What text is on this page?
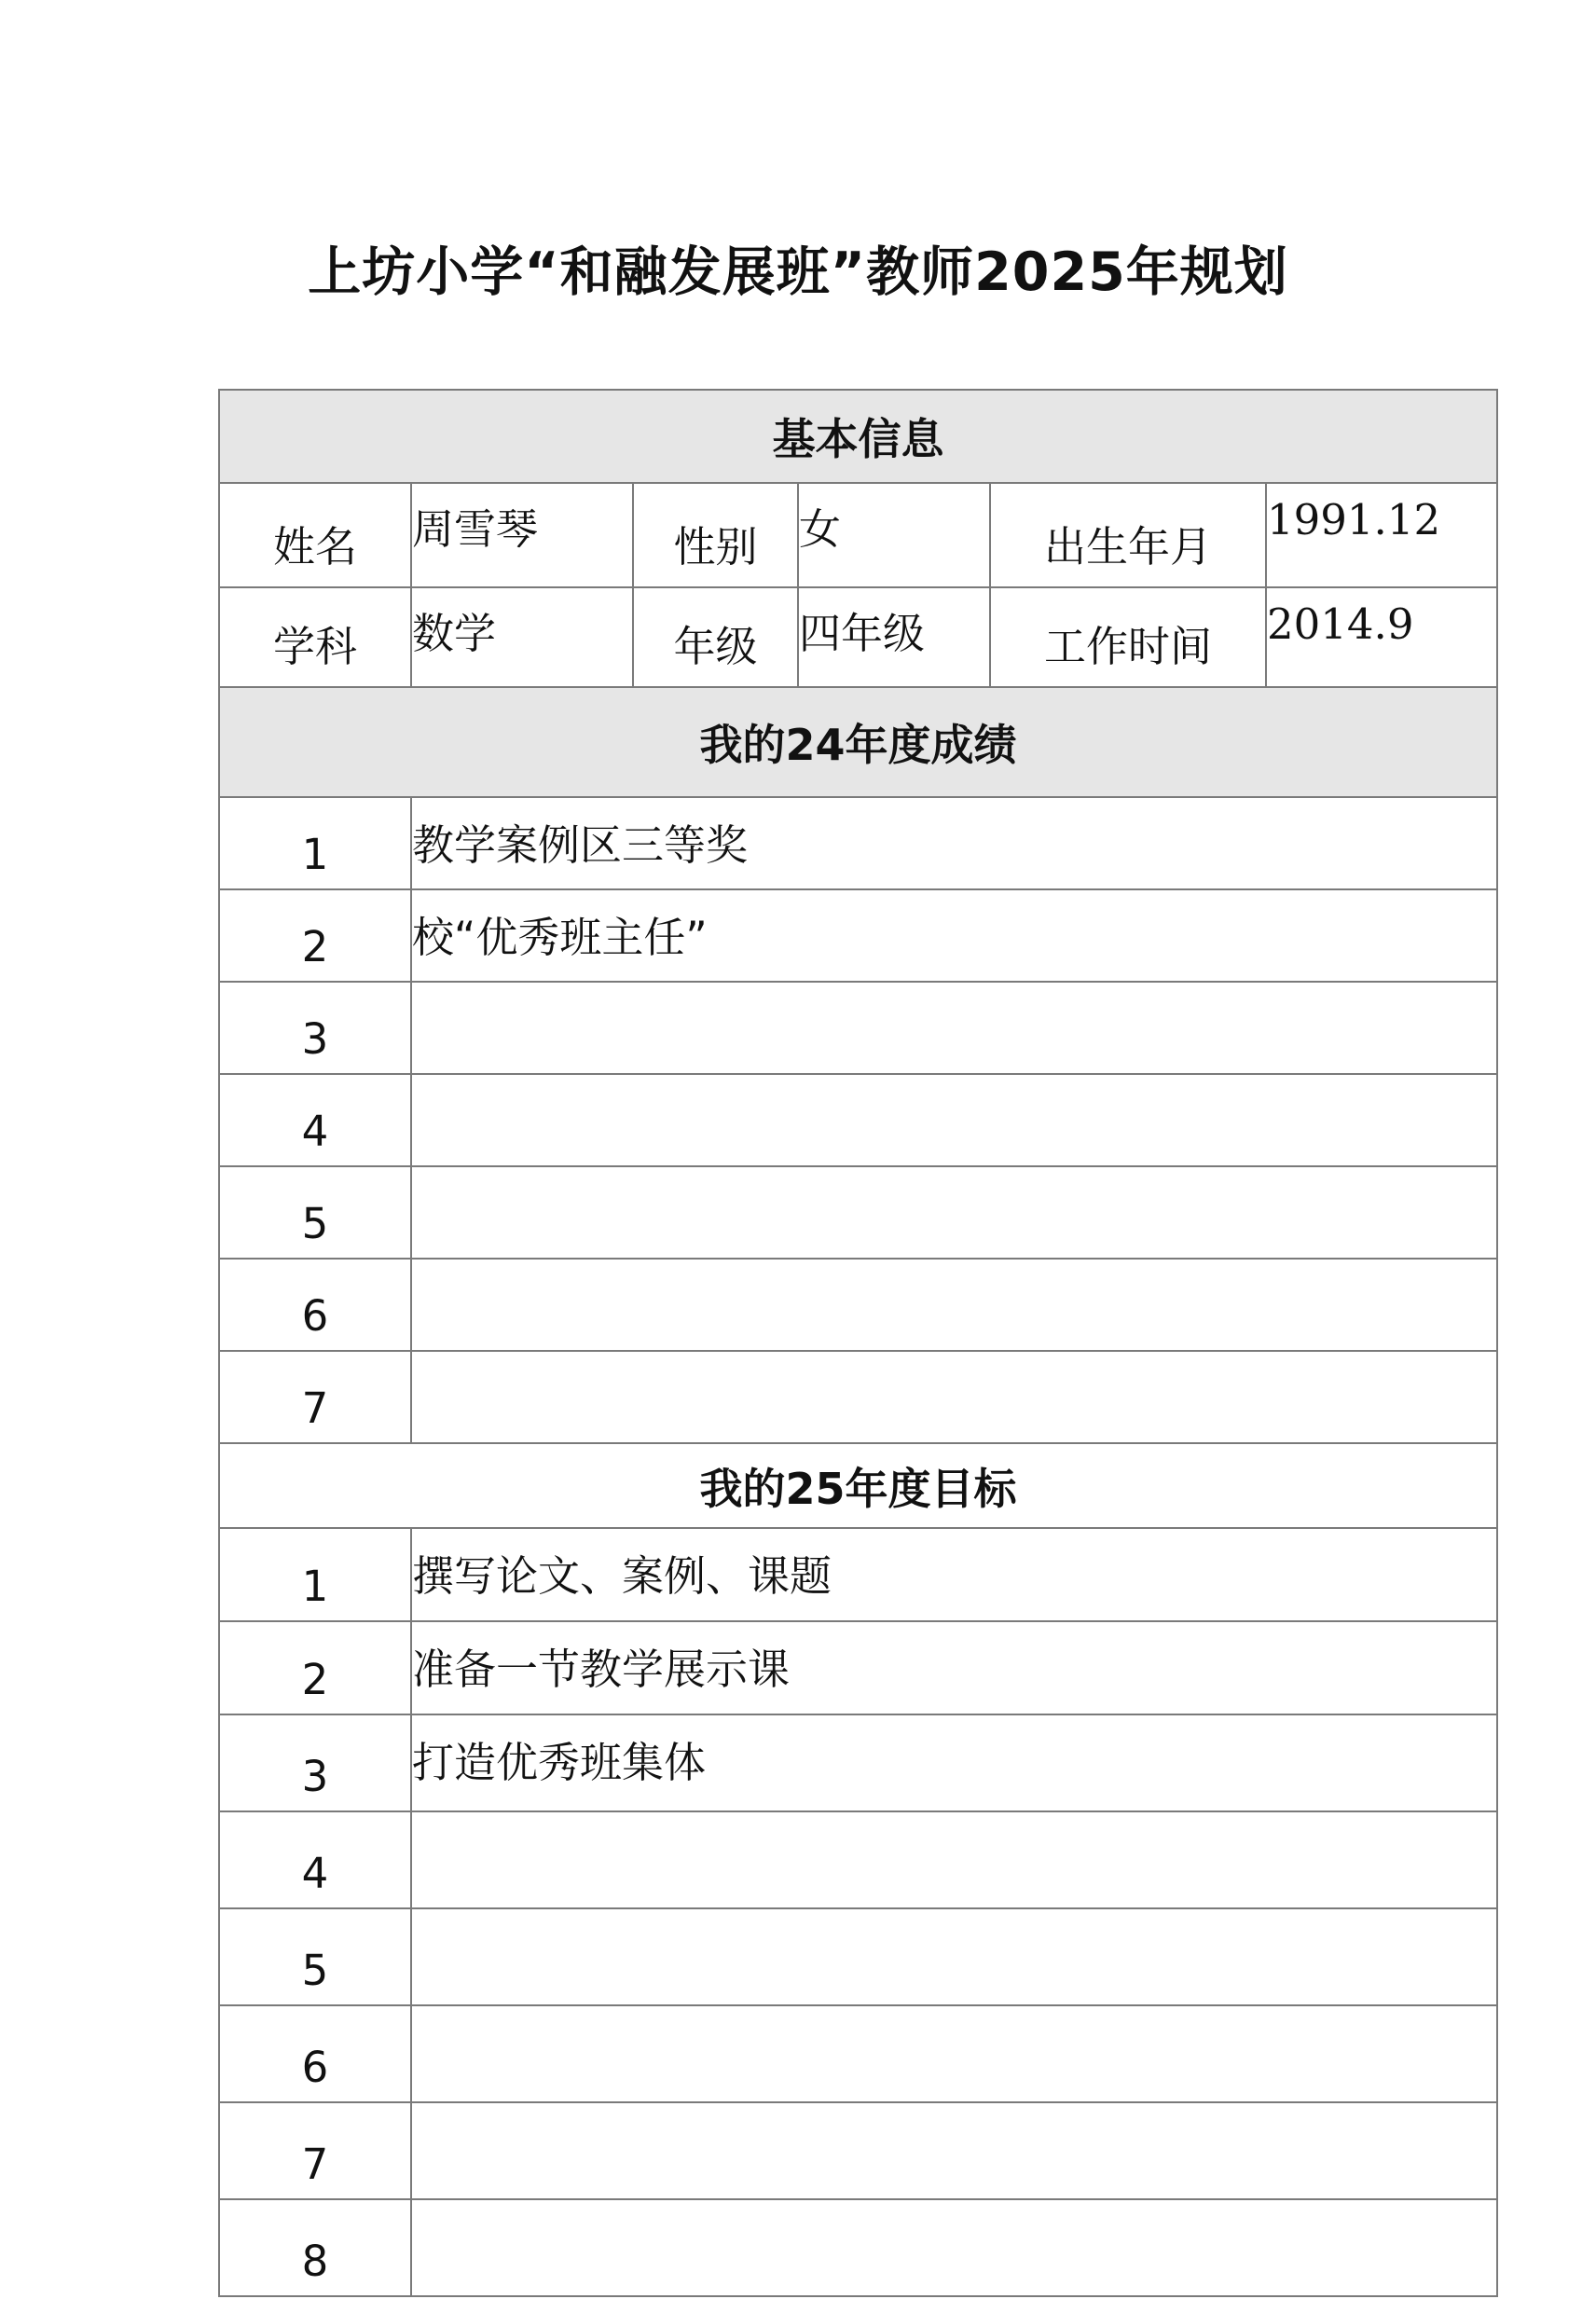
上坊小学“和融发展班”教师2025年规划
基本信息					
姓名	周雪琴	性别	女	出生年月	1991.12
学科	数学	年级	四年级	工作时间	2014.9
我的24年度成绩					
1	教学案例区三等奖				
2	校“优秀班主任”				
3					
4					
5					
6					
7					
我的25年度目标					
1	撰写论文、案例、课题				
2	准备一节教学展示课				
3	打造优秀班集体				
4					
5					
6					
7					
8					
